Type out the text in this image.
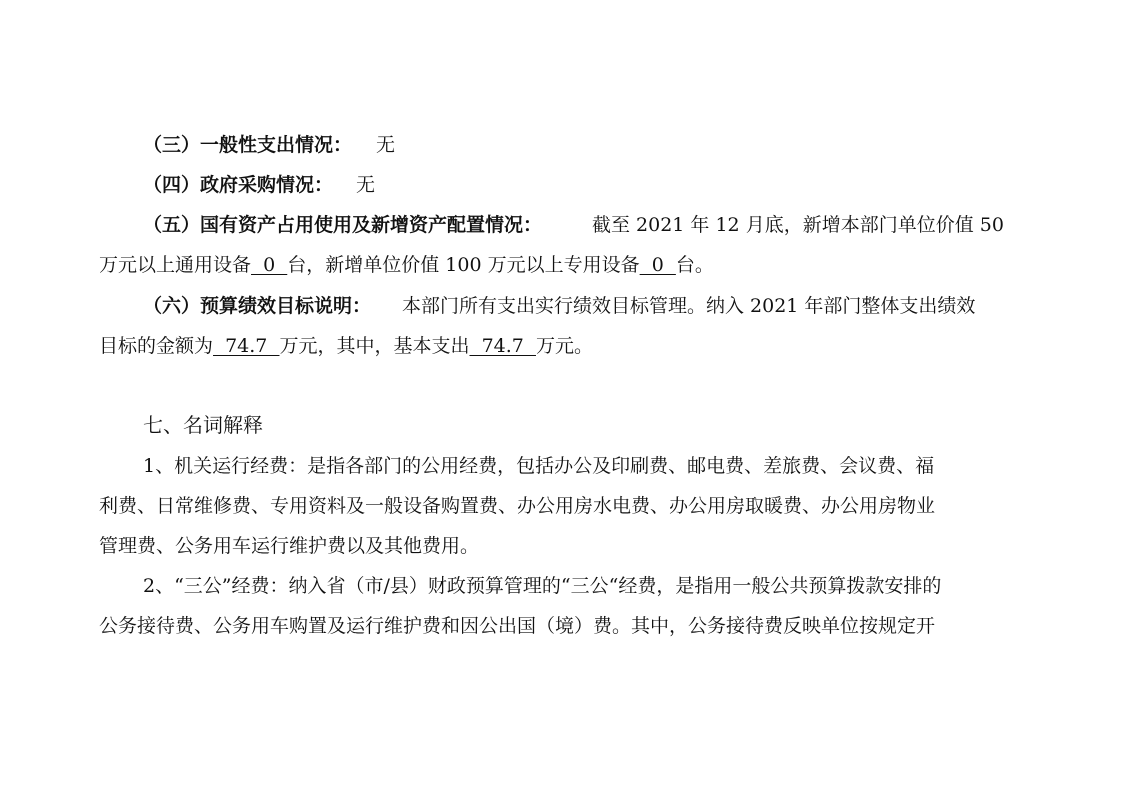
（三）一般性支出情况： 无
（四）政府采购情况： 无
（五）国有资产占用使用及新增资产配置情况：	截至 2021 年 12 月底，新增本部门单位价值 50
万元以上通用设备  0  台，新增单位价值 100 万元以上专用设备  0  台。
（六）预算绩效目标说明： 本部门所有支出实行绩效目标管理。纳入 2021 年部门整体支出绩效
目标的金额为  74.7  万元，其中，基本支出  74.7  万元。
七、名词解释
1、机关运行经费：是指各部门的公用经费，包括办公及印刷费、邮电费、差旅费、会议费、福
利费、日常维修费、专用资料及一般设备购置费、办公用房水电费、办公用房取暖费、办公用房物业
管理费、公务用车运行维护费以及其他费用。
2、“三公”经费：纳入省（市/县）财政预算管理的“三公“经费，是指用一般公共预算拨款安排的
公务接待费、公务用车购置及运行维护费和因公出国（境）费。其中，公务接待费反映单位按规定开
